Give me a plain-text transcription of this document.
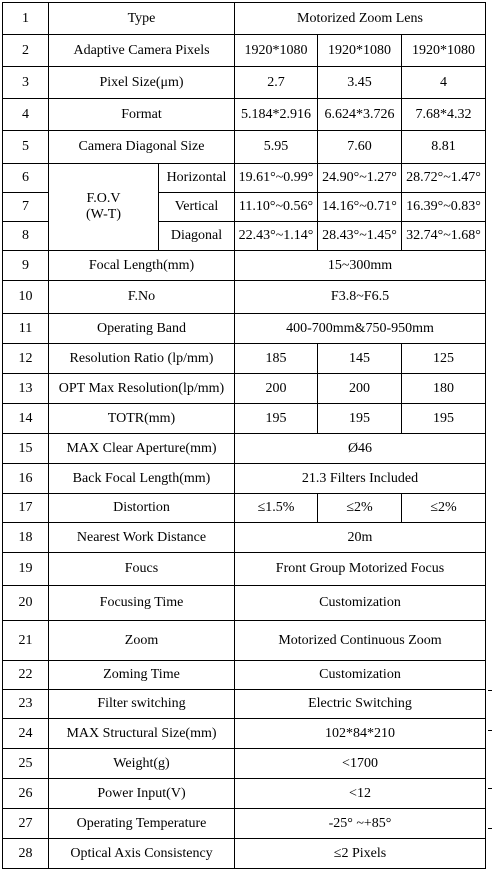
1	Type		Motorized Zoom Lens		
2	Adaptive Camera Pixels		1920*1080	1920*1080	1920*1080
3	Pixel Size(μm)		2.7	3.45	4
4	Format		5.184*2.916	6.624*3.726	7.68*4.32
5	Camera Diagonal Size		5.95	7.60	8.81
6	F.O.V
(W-T)	Horizontal	19.61°~0.99°	24.90°~1.27°	28.72°~1.47°
7		Vertical	11.10°~0.56°	14.16°~0.71°	16.39°~0.83°
8		Diagonal	22.43°~1.14°	28.43°~1.45°	32.74°~1.68°
9	Focal Length(mm)		15~300mm		
10	F.No		F3.8~F6.5		
11	Operating Band		400-700mm&750-950mm		
12	Resolution Ratio (lp/mm)		185	145	125
13	OPT Max Resolution(lp/mm)		200	200	180
14	TOTR(mm)		195	195	195
15	MAX Clear Aperture(mm)		Ø46		
16	Back Focal Length(mm)		21.3 Filters Included		
17	Distortion		≤1.5%	≤2%	≤2%
18	Nearest Work Distance		20m		
19	Foucs		Front Group Motorized Focus		
20	Focusing Time		Customization		
21	Zoom		Motorized Continuous Zoom		
22	Zoming Time		Customization		
23	Filter switching		Electric Switching		
24	MAX Structural Size(mm)		102*84*210		
25	Weight(g)		<1700		
26	Power Input(V)		<12		
27	Operating Temperature		-25° ~+85°		
28	Optical Axis Consistency		≤2 Pixels		
